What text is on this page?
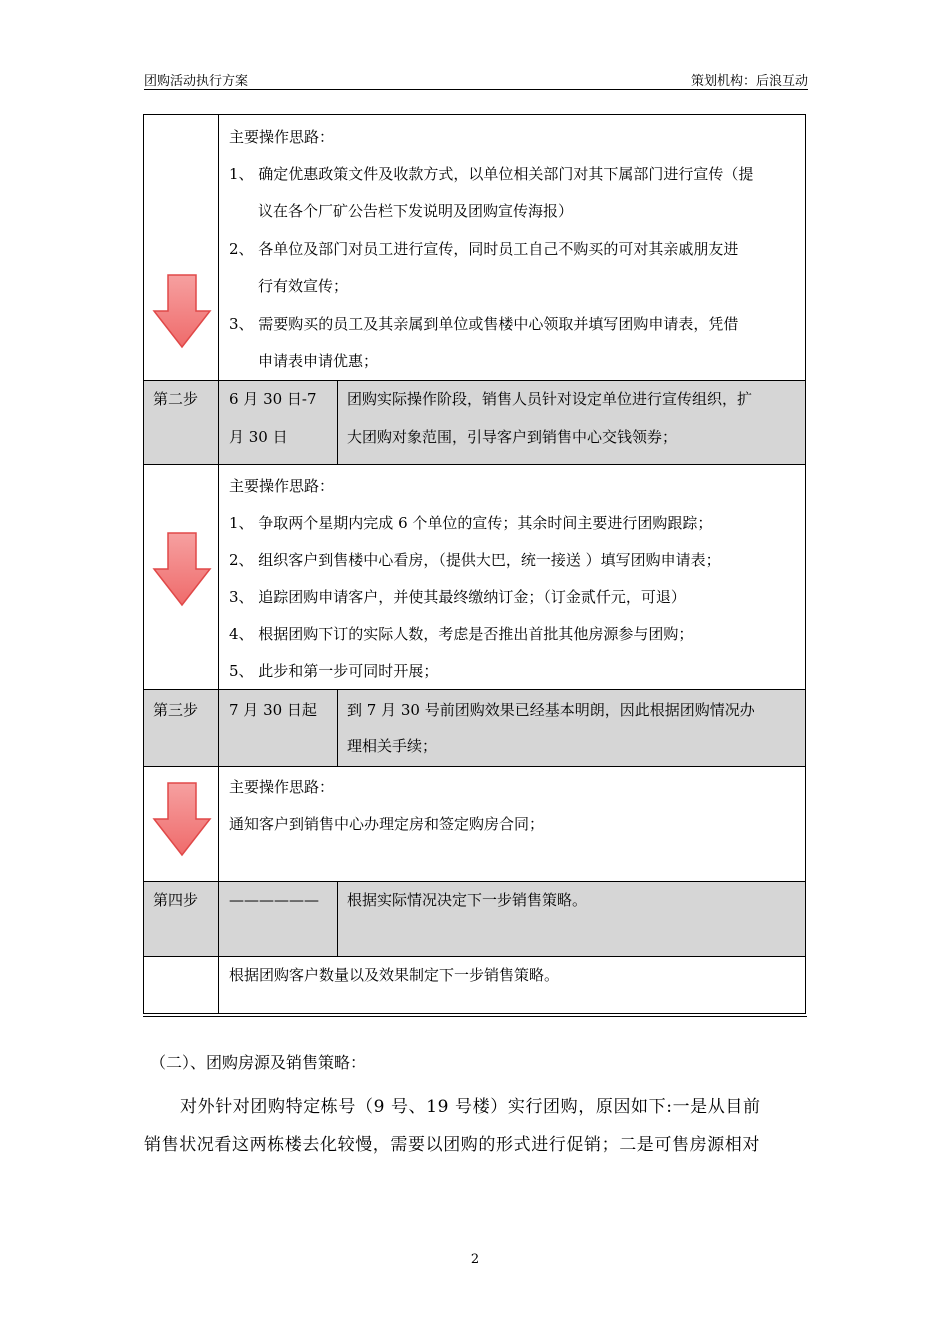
团购活动执行方案	策划机构：后浪互动
主要操作思路：
1、 确定优惠政策文件及收款方式，以单位相关部门对其下属部门进行宣传（提
议在各个厂矿公告栏下发说明及团购宣传海报）
2、 各单位及部门对员工进行宣传，同时员工自己不购买的可对其亲戚朋友进
行有效宣传；
3、 需要购买的员工及其亲属到单位或售楼中心领取并填写团购申请表，凭借
申请表申请优惠；
第二步 6 月 30 日-7
月 30 日
团购实际操作阶段，销售人员针对设定单位进行宣传组织，扩
大团购对象范围，引导客户到销售中心交钱领券；
主要操作思路：
1、 争取两个星期内完成 6 个单位的宣传；其余时间主要进行团购跟踪；
2、 组织客户到售楼中心看房，（提供大巴，统一接送 ）填写团购申请表；
3、 追踪团购申请客户，并使其最终缴纳订金；（订金贰仟元，可退）
4、 根据团购下订的实际人数，考虑是否推出首批其他房源参与团购；
5、 此步和第一步可同时开展；
第三步 7 月 30 日起 到 7 月 30 号前团购效果已经基本明朗，因此根据团购情况办
理相关手续；
主要操作思路：
通知客户到销售中心办理定房和签定购房合同；
第四步 —————— 根据实际情况决定下一步销售策略。
根据团购客户数量以及效果制定下一步销售策略。
（二）、团购房源及销售策略：
对外针对团购特定栋号（9 号、19 号楼）实行团购，原因如下:一是从目前
销售状况看这两栋楼去化较慢，需要以团购的形式进行促销；二是可售房源相对
2
